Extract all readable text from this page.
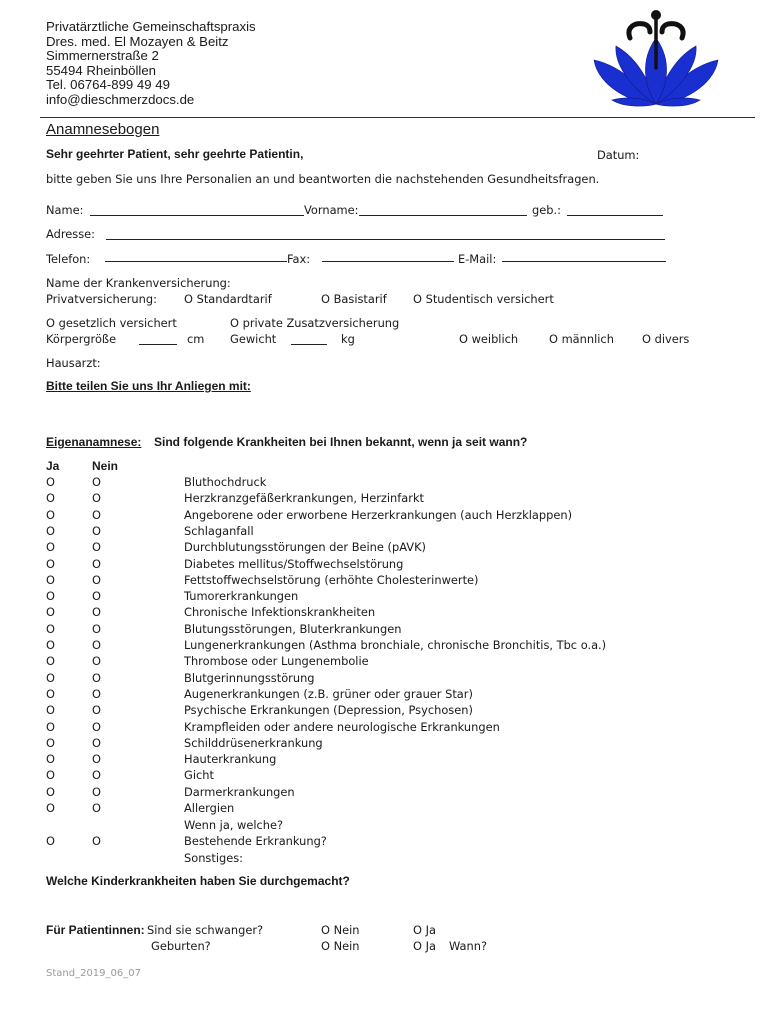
Privatärztliche Gemeinschaftspraxis
Dres. med. El Mozayen & Beitz
Simmernerstraße 2
55494 Rheinböllen
Tel. 06764-899 49 49
info@dieschmerzdocs.de
Anamnesebogen
Sehr geehrter Patient, sehr geehrte Patientin,	Datum:
bitte geben Sie uns Ihre Personalien an und beantworten die nachstehenden Gesundheitsfragen.
Name:	Vorname:	geb.:
Adresse:
Telefon:	Fax:	E-Mail:
Name der Krankenversicherung:
Privatversicherung: O Standardtarif	O Basistarif O Studentisch versichert
O gesetzlich versichert	O private Zusatzversicherung
Körpergröße	cm Gewicht	kg	O weiblich	O männlich O divers
Hausarzt:
Bitte teilen Sie uns Ihr Anliegen mit:
Eigenanamnese: Sind folgende Krankheiten bei Ihnen bekannt, wenn ja seit wann?
Ja	Nein
O	O	Bluthochdruck
O	O	Herzkranzgefäßerkrankungen, Herzinfarkt
O	O	Angeborene oder erworbene Herzerkrankungen (auch Herzklappen)
O	O	Schlaganfall
O	O	Durchblutungsstörungen der Beine (pAVK)
O	O	Diabetes mellitus/Stoffwechselstörung
O	O	Fettstoffwechselstörung (erhöhte Cholesterinwerte)
O	O	Tumorerkrankungen
O	O	Chronische Infektionskrankheiten
O	O	Blutungsstörungen, Bluterkrankungen
O	O	Lungenerkrankungen (Asthma bronchiale, chronische Bronchitis, Tbc o.a.)
O	O	Thrombose oder Lungenembolie
O	O	Blutgerinnungsstörung
O	O	Augenerkrankungen (z.B. grüner oder grauer Star)
O	O	Psychische Erkrankungen (Depression, Psychosen)
O	O	Krampfleiden oder andere neurologische Erkrankungen
O	O	Schilddrüsenerkrankung
O	O	Hauterkrankung
O	O	Gicht
O	O	Darmerkrankungen
O	O	Allergien
Wenn ja, welche?
O	O	Bestehende Erkrankung?
Sonstiges:
Welche Kinderkrankheiten haben Sie durchgemacht?
Für Patientinnen: Sind sie schwanger?	O Nein	O Ja
Geburten?	O Nein	O Ja Wann?
Stand_2019_06_07
